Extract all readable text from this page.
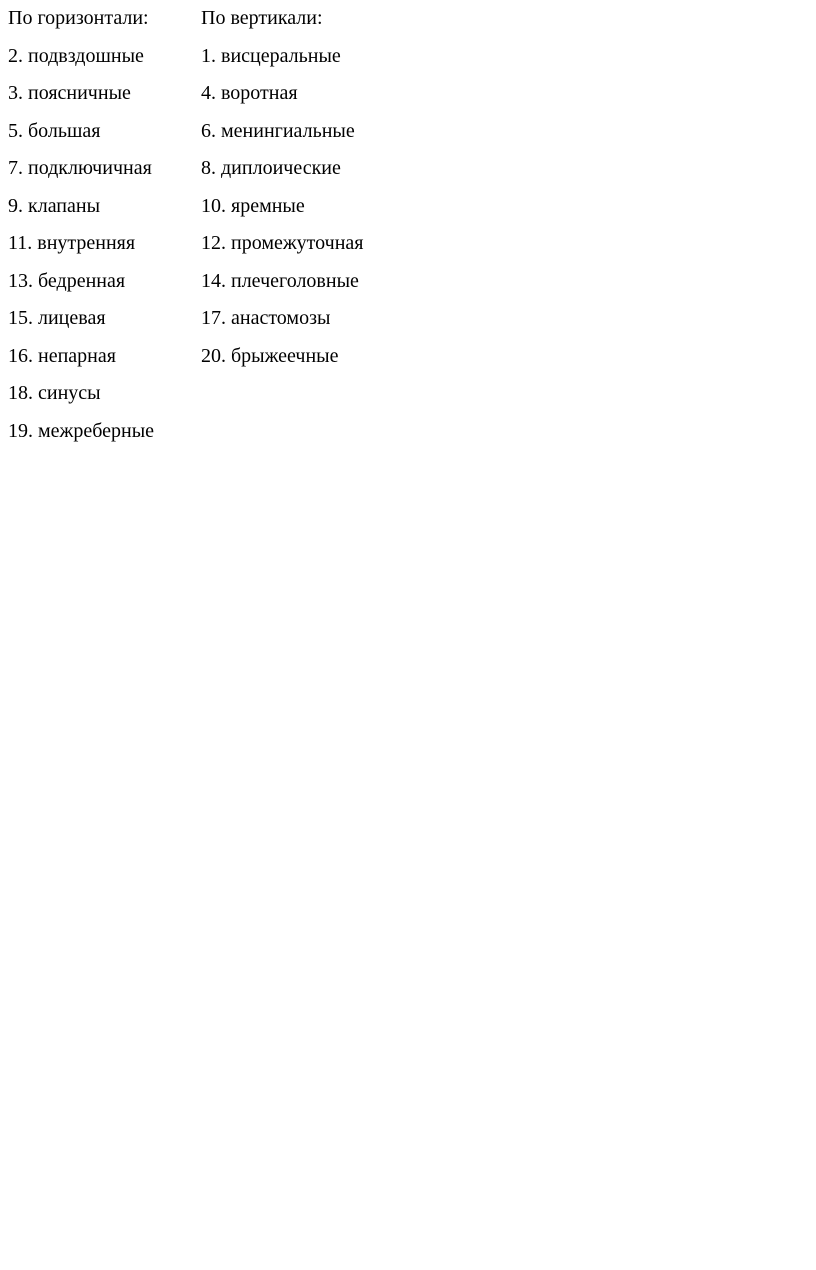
По горизонтали:
2. подвздошные
3. поясничные
5. большая
7. подключичная
9. клапаны
11. внутренняя
13. бедренная
15. лицевая
16. непарная
18. синусы
19. межреберные
По вертикали:
1. висцеральные
4. воротная
6. менингиальные
8. диплоические
10. яремные
12. промежуточная
14. плечеголовные
17. анастомозы
20. брыжеечные
